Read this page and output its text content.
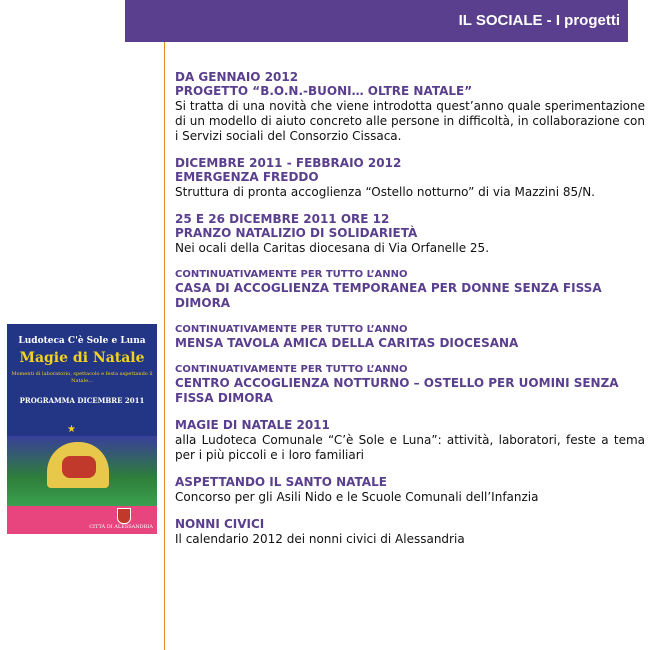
IL SOCIALE - I progetti
Ludoteca C'è Sole e Luna
Magie di Natale
Momenti di laboratorio, spettacolo e festa aspettando il Natale...
PROGRAMMA DICEMBRE 2011
★
CITTÀ DI ALESSANDRIA
DA GENNAIO 2012
PROGETTO “B.O.N.-BUONI… OLTRE NATALE”
Si tratta di una novità che viene introdotta quest’anno quale sperimentazione di un modello di aiuto concreto alle persone in difficoltà, in collaborazione con i Servizi sociali del Consorzio Cissaca.
DICEMBRE 2011 - FEBBRAIO 2012
EMERGENZA FREDDO
Struttura di pronta accoglienza “Ostello notturno” di via Mazzini 85/N.
25 E 26 DICEMBRE 2011 ORE 12
PRANZO NATALIZIO DI SOLIDARIETÀ
Nei ocali della Caritas diocesana di Via Orfanelle 25.
CONTINUATIVAMENTE PER TUTTO L’ANNO
CASA DI ACCOGLIENZA TEMPORANEA PER DONNE SENZA FISSA DIMORA
CONTINUATIVAMENTE PER TUTTO L’ANNO
MENSA TAVOLA AMICA DELLA CARITAS DIOCESANA
CONTINUATIVAMENTE PER TUTTO L’ANNO
CENTRO ACCOGLIENZA NOTTURNO – OSTELLO PER UOMINI SENZA FISSA DIMORA
MAGIE DI NATALE 2011
alla Ludoteca Comunale “C’è Sole e Luna”: attività, laboratori, feste a tema per i più piccoli e i loro familiari
ASPETTANDO IL SANTO NATALE
Concorso per gli Asili Nido e le Scuole Comunali dell’Infanzia
NONNI CIVICI
Il calendario 2012 dei nonni civici di Alessandria
